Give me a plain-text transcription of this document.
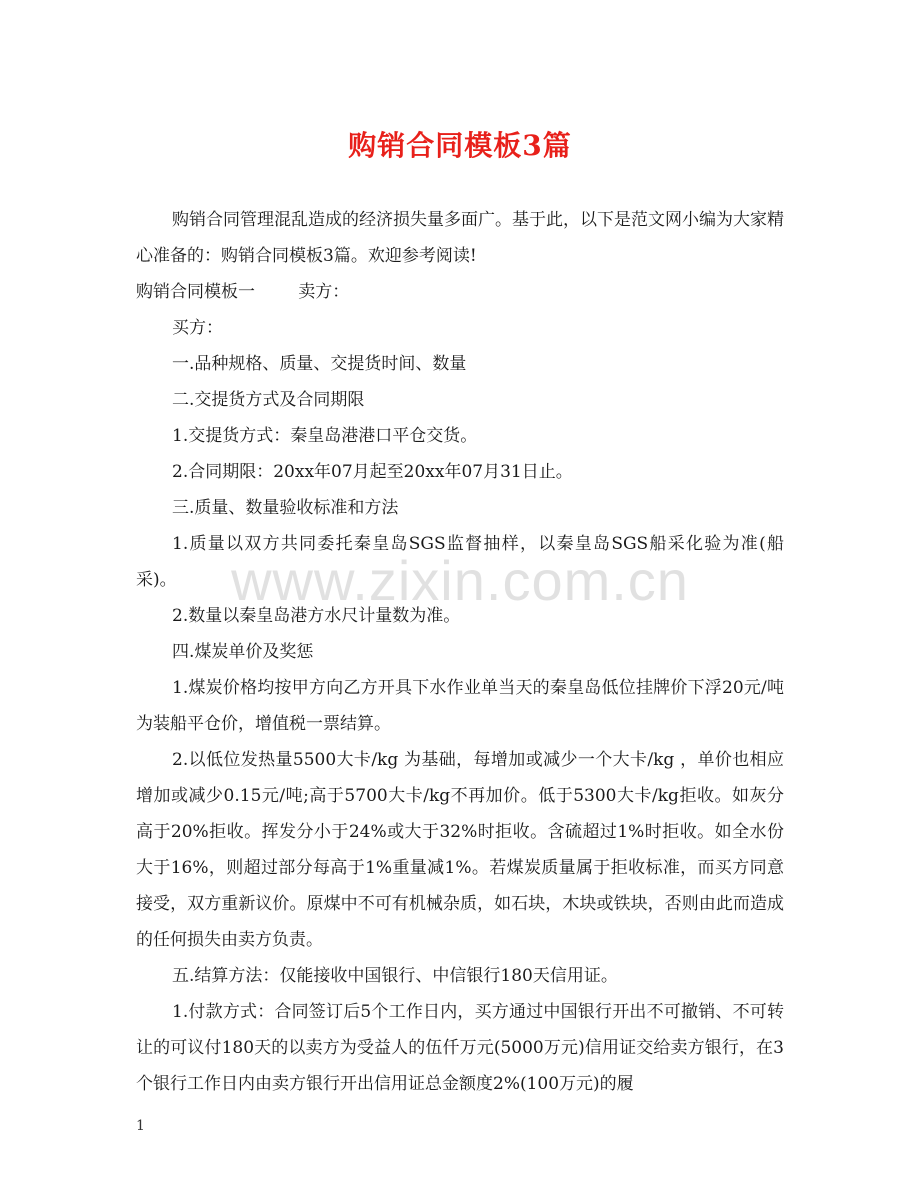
购销合同模板3篇

购销合同管理混乱造成的经济损失量多面广。基于此，以下是范文网小编为大家精心准备的：购销合同模板3篇。欢迎参考阅读!

购销合同模板一        卖方：

买方：

一.品种规格、质量、交提货时间、数量

二.交提货方式及合同期限

1.交提货方式：秦皇岛港港口平仓交货。

2.合同期限：20xx年07月起至20xx年07月31日止。

三.质量、数量验收标准和方法

1.质量以双方共同委托秦皇岛SGS监督抽样，以秦皇岛SGS船采化验为准(船采)。

2.数量以秦皇岛港方水尺计量数为准。

四.煤炭单价及奖惩

1.煤炭价格均按甲方向乙方开具下水作业单当天的秦皇岛低位挂牌价下浮20元/吨为装船平仓价，增值税一票结算。

2.以低位发热量5500大卡/kg 为基础，每增加或减少一个大卡/kg ，单价也相应增加或减少0.15元/吨;高于5700大卡/kg不再加价。低于5300大卡/kg拒收。如灰分高于20%拒收。挥发分小于24%或大于32%时拒收。含硫超过1%时拒收。如全水份大于16%，则超过部分每高于1%重量减1%。若煤炭质量属于拒收标准，而买方同意接受，双方重新议价。原煤中不可有机械杂质，如石块，木块或铁块，否则由此而造成的任何损失由卖方负责。

五.结算方法：仅能接收中国银行、中信银行180天信用证。

1.付款方式：合同签订后5个工作日内，买方通过中国银行开出不可撤销、不可转让的可议付180天的以卖方为受益人的伍仟万元(5000万元)信用证交给卖方银行，在3个银行工作日内由卖方银行开出信用证总金额度2%(100万元)的履

www.zixin.com.cn
1
